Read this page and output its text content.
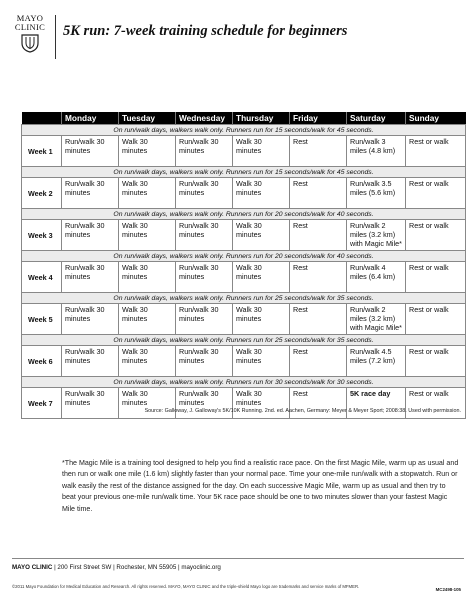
MAYO
CLINIC	5K run: 7-week training schedule for beginners
	Monday	Tuesday	Wednesday	Thursday	Friday	Saturday	Sunday
On run/walk days, walkers walk only. Runners run for 15 seconds/walk for 45 seconds.							
Week 1	Run/walk 30 minutes	Walk 30 minutes	Run/walk 30 minutes	Walk 30 minutes	Rest	Run/walk 3 miles (4.8 km)	Rest or walk
On run/walk days, walkers walk only. Runners run for 15 seconds/walk for 45 seconds.							
Week 2	Run/walk 30 minutes	Walk 30 minutes	Run/walk 30 minutes	Walk 30 minutes	Rest	Run/walk 3.5 miles (5.6 km)	Rest or walk
On run/walk days, walkers walk only. Runners run for 20 seconds/walk for 40 seconds.							
Week 3	Run/walk 30 minutes	Walk 30 minutes	Run/walk 30 minutes	Walk 30 minutes	Rest	Run/walk 2 miles (3.2 km) with Magic Mile*	Rest or walk
On run/walk days, walkers walk only. Runners run for 20 seconds/walk for 40 seconds.							
Week 4	Run/walk 30 minutes	Walk 30 minutes	Run/walk 30 minutes	Walk 30 minutes	Rest	Run/walk 4 miles (6.4 km)	Rest or walk
On run/walk days, walkers walk only. Runners run for 25 seconds/walk for 35 seconds.							
Week 5	Run/walk 30 minutes	Walk 30 minutes	Run/walk 30 minutes	Walk 30 minutes	Rest	Run/walk 2 miles (3.2 km) with Magic Mile*	Rest or walk
On run/walk days, walkers walk only. Runners run for 25 seconds/walk for 35 seconds.							
Week 6	Run/walk 30 minutes	Walk 30 minutes	Run/walk 30 minutes	Walk 30 minutes	Rest	Run/walk 4.5 miles (7.2 km)	Rest or walk
On run/walk days, walkers walk only. Runners run for 30 seconds/walk for 30 seconds.							
Week 7	Run/walk 30 minutes	Walk 30 minutes	Run/walk 30 minutes	Walk 30 minutes	Rest	5K race day	Rest or walk
Source: Galloway, J. Galloway's 5K/10K Running. 2nd. ed. Aachen, Germany: Meyer & Meyer Sport; 2008:38. Used with permission.
*The Magic Mile is a training tool designed to help you find a realistic race pace. On the first Magic Mile, warm up as usual and then run or walk one mile (1.6 km) slightly faster than your normal pace. Time your one-mile run/walk with a stopwatch. Run or walk easily the rest of the distance assigned for the day. On each successive Magic Mile, warm up as usual and then try to beat your previous one-mile run/walk time. Your 5K race pace should be one to two minutes slower than your fastest Magic Mile time.
MAYO CLINIC | 200 First Street SW | Rochester, MN 55905 | mayoclinic.org
©2011 Mayo Foundation for Medical Education and Research. All rights reserved. MAYO, MAYO CLINIC and the triple-shield Mayo logo are trademarks and service marks of MFMER.
MC2498-105
